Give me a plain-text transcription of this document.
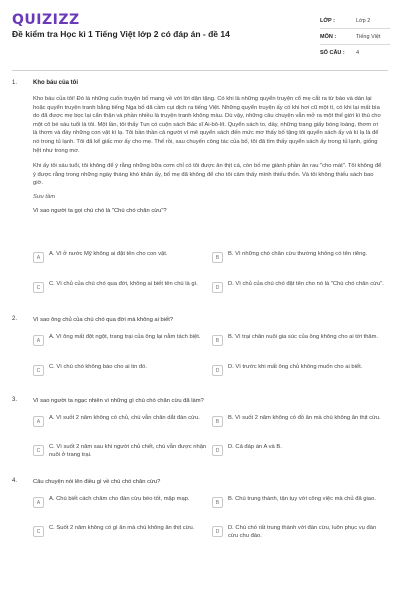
QUIZIZZ
Đề kiểm tra Học kì 1 Tiếng Việt lớp 2 có đáp án - đề 14
LỚP :	Lớp 2
MÔN :	Tiếng Việt
SỐ CÂU :	4
1.	Kho báu của tôi
Kho báu của tôi! Đó là những cuốn truyện bố mang về với lời dặn tặng. Có khi là những quyển truyện cổ mẹ cắt ra từ báo và dán lại hoặc quyển truyện tranh bằng tiếng Nga bố dã cầm cụi dịch ra tiếng Việt. Những quyển truyện ấy có khi hơi cũ một tí, có khi lại mất bìa do đã được mẹ bọc lại cẩn thận và phần nhiều là truyện tranh không màu. Dù vậy, những câu chuyện vẫn mở ra một thế giới kì thú cho một cô bé sáu tuổi là tôi. Một lần, tôi thấy Tun có cuộn sách Bác sĩ Ai-bô-lít. Quyển sách to, dày, những trang giấy bóng loáng, thơm ơi là thơm và đầy những con vật kì lạ. Tôi bần thần cả người vì mê quyển sách đến mức mơ thấy bố tặng tôi quyển sách ấy và kì lạ là để nó trong tủ lạnh. Tôi đã kể giấc mơ ấy cho mẹ. Thế rồi, sau chuyến công tác của bố, tôi đã tìm thấy quyển sách ấy trong tủ lạnh, giống hệt như trong mơ.
Khi ấy tôi sáu tuổi, tôi không để ý rằng những bữa cơm chỉ có tôi được ăn thịt cá, còn bố mẹ giành phần ăn rau "cho mát". Tôi không để ý được rằng trong những ngày tháng khó khăn ấy, bố mẹ đã không để cho tôi cảm thấy mình thiếu thốn. Và tôi không thiếu sách bao giờ.
Sưu tầm
Vì sao người ta gọi chú chó là "Chú chó chăn cừu"?
A
A. Vì ở nước Mỹ không ai đặt tên cho con vật.
B
B. Vì những chó chăn cừu thường không có tên riêng.
C
C. Vì chủ của chú chó qua đời, không ai biết tên chú là gì.
D
D. Vì chủ của chú chó đặt tên cho nó là "Chú chó chăn cừu".
2.	Vì sao ông chủ của chú chó qua đời mà không ai biết?
A
A. Vì ông mất đột ngột, trang trại của ông lại nằm tách biệt.
B
B. Vì trại chăn nuôi gia súc của ông không cho ai tới thăm.
C
C. Vì chú chó không báo cho ai tin đó.
D
D. Vì trước khi mất ông chủ không muốn cho ai biết.
3.	Vì sao người ta ngạc nhiên vì những gì chú chó chăn cừu đã làm?
A
A. Vì suốt 2 năm không có chủ, chú vẫn chăn dắt đàn cừu.
B
B. Vì suốt 2 năm không có đồ ăn mà chú không ăn thịt cừu.
C
C. Vì suốt 2 năm sau khi người chủ chết, chú vẫn được nhận nuôi ở trang trại.
D
D. Cả đáp án A và B.
4.	Câu chuyện nói lên điều gì về chú chó chăn cừu?
A
A. Chú biết cách chăm cho đàn cừu béo tốt, mập mạp.
B
B. Chú trung thành, tận tụy với công việc mà chủ đã giao.
C
C. Suốt 2 năm không có gì ăn mà chú không ăn thịt cừu.
D
D. Chú chó rất trung thành với đàn cừu, luôn phục vụ đàn cừu chu đáo.
